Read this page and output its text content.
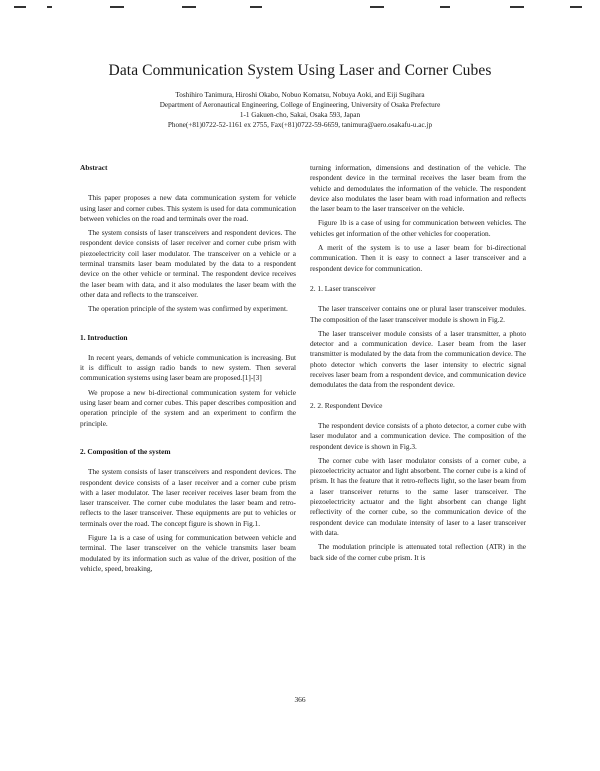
Data Communication System Using Laser and Corner Cubes

Toshihiro Tanimura, Hiroshi Okabo, Nobuo Komatsu, Nobuya Aoki, and Eiji Sugihara

Department of Aeronautical Engineering, College of Engineering, University of Osaka Prefecture

1-1 Gakuen-cho, Sakai, Osaka 593, Japan

Phone(+81)0722-52-1161 ex 2755, Fax(+81)0722-59-6659, tanimura@aero.osakafu-u.ac.jp

Abstract

This paper proposes a new data communication system for vehicle using laser and corner cubes. This system is used for data communication between vehicles on the road and terminals over the road.

The system consists of laser transceivers and respondent devices. The respondent device consists of laser receiver and corner cube prism with piezoelectricity coil laser modulator. The transceiver on a vehicle or a terminal transmits laser beam modulated by the data to a respondent device on the other vehicle or terminal. The respondent device receives the laser beam with data, and it also modulates the laser beam with the other data and reflects to the transceiver.

The operation principle of the system was confirmed by experiment.

1. Introduction

In recent years, demands of vehicle communication is increasing. But it is difficult to assign radio bands to new system. Then several communication systems using laser beam are proposed.[1]-[3]

We propose a new bi-directional communication system for vehicle using laser beam and corner cubes. This paper describes composition and operation principle of the system and an experiment to confirm the principle.

2. Composition of the system

The system consists of laser transceivers and respondent devices. The respondent device consists of a laser receiver and a corner cube prism with a laser modulator. The laser receiver receives laser beam from the laser transceiver. The corner cube modulates the laser beam and retro-reflects to the laser transceiver. These equipments are put to vehicles or terminals over the road. The concept figure is shown in Fig.1.

Figure 1a is a case of using for communication between vehicle and terminal. The laser transceiver on the vehicle transmits laser beam modulated by its information such as value of the driver, position of the vehicle, speed, breaking,

turning information, dimensions and destination of the vehicle. The respondent device in the terminal receives the laser beam from the vehicle and demodulates the information of the vehicle. The respondent device also modulates the laser beam with road information and reflects the laser beam to the laser transceiver on the vehicle.

Figure 1b is a case of using for communication between vehicles. The vehicles get information of the other vehicles for cooperation.

A merit of the system is to use a laser beam for bi-directional communication. Then it is easy to connect a laser transceiver and a respondent device for communication.

2. 1. Laser transceiver

The laser transceiver contains one or plural laser transceiver modules. The composition of the laser transceiver module is shown in Fig.2.

The laser transceiver module consists of a laser transmitter, a photo detector and a communication device. Laser beam from the laser transmitter is modulated by the data from the communication device. The photo detector which converts the laser intensity to electric signal receives laser beam from a respondent device, and communication device demodulates the data from the respondent device.

2. 2. Respondent Device

The respondent device consists of a photo detector, a corner cube with laser modulator and a communication device. The composition of the respondent device is shown in Fig.3.

The corner cube with laser modulator consists of a corner cube, a piezoelectricity actuator and light absorbent. The corner cube is a kind of prism. It has the feature that it retro-reflects light, so the laser beam from a laser transceiver returns to the same laser transceiver. The piezoelectricity actuator and the light absorbent can change light reflectivity of the corner cube, so the communication device of the respondent device can modulate intensity of laser to a laser transceiver with data.

The modulation principle is attenuated total reflection (ATR) in the back side of the corner cube prism. It is

366
